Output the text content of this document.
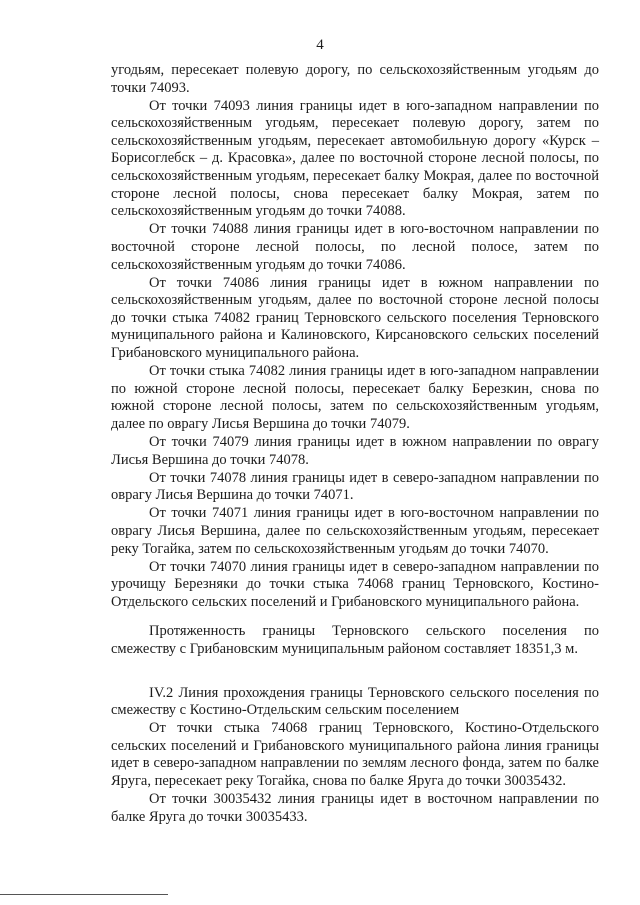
4

угодьям, пересекает полевую дорогу, по сельскохозяйственным угодьям до точки 74093.

От точки 74093 линия границы идет в юго-западном направлении по сельскохозяйственным угодьям, пересекает полевую дорогу, затем по сельскохозяйственным угодьям, пересекает автомобильную дорогу «Курск – Борисоглебск – д. Красовка», далее по восточной стороне лесной полосы, по сельскохозяйственным угодьям, пересекает балку Мокрая, далее по восточной стороне лесной полосы, снова пересекает балку Мокрая, затем по сельскохозяйственным угодьям до точки 74088.

От точки 74088 линия границы идет в юго-восточном направлении по восточной стороне лесной полосы, по лесной полосе, затем по сельскохозяйственным угодьям до точки 74086.

От точки 74086 линия границы идет в южном направлении по сельскохозяйственным угодьям, далее по восточной стороне лесной полосы до точки стыка 74082 границ Терновского сельского поселения Терновского муниципального района и Калиновского, Кирсановского сельских поселений Грибановского муниципального района.

От точки стыка 74082 линия границы идет в юго-западном направлении по южной стороне лесной полосы, пересекает балку Березкин, снова по южной стороне лесной полосы, затем по сельскохозяйственным угодьям, далее по оврагу Лисья Вершина до точки 74079.

От точки 74079 линия границы идет в южном направлении по оврагу Лисья Вершина до точки 74078.

От точки 74078 линия границы идет в северо-западном направлении по оврагу Лисья Вершина до точки 74071.

От точки 74071 линия границы идет в юго-восточном направлении по оврагу Лисья Вершина, далее по сельскохозяйственным угодьям, пересекает реку Тогайка, затем по сельскохозяйственным угодьям до точки 74070.

От точки 74070 линия границы идет в северо-западном направлении по урочищу Березняки до точки стыка 74068 границ Терновского, Костино-Отдельского сельских поселений и Грибановского муниципального района.

Протяженность границы Терновского сельского поселения по смежеству с Грибановским муниципальным районом составляет 18351,3 м.

IV.2 Линия прохождения границы Терновского сельского поселения по смежеству с Костино-Отдельским сельским поселением

От точки стыка 74068 границ Терновского, Костино-Отдельского сельских поселений и Грибановского муниципального района линия границы идет в северо-западном направлении по землям лесного фонда, затем по балке Яруга, пересекает реку Тогайка, снова по балке Яруга до точки 30035432.

От точки 30035432 линия границы идет в восточном направлении по балке Яруга до точки 30035433.
